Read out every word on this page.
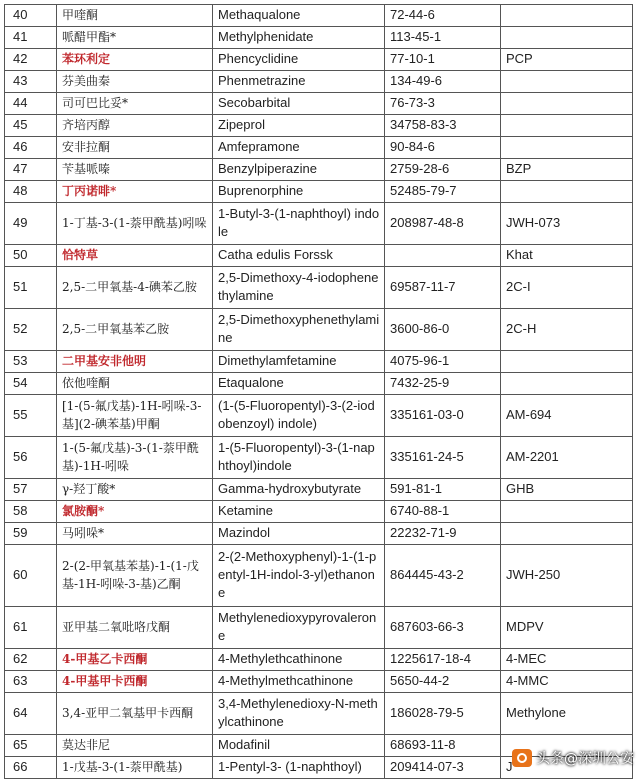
40	甲喹酮	Methaqualone	72-44-6	
41	哌醋甲酯*	Methylphenidate	113-45-1	
42	苯环利定	Phencyclidine	77-10-1	PCP
43	芬美曲秦	Phenmetrazine	134-49-6	
44	司可巴比妥*	Secobarbital	76-73-3	
45	齐培丙醇	Zipeprol	34758-83-3	
46	安非拉酮	Amfepramone	90-84-6	
47	苄基哌嗪	Benzylpiperazine	2759-28-6	BZP
48	丁丙诺啡*	Buprenorphine	52485-79-7	
49	1-丁基-3-(1-萘甲酰基)吲哚	1-Butyl-3-(1-naphthoyl) indole	208987-48-8	JWH-073
50	恰特草	Catha edulis Forssk		Khat
51	2,5-二甲氧基-4-碘苯乙胺	2,5-Dimethoxy-4-iodophenethylamine	69587-11-7	2C-I
52	2,5-二甲氧基苯乙胺	2,5-Dimethoxyphenethylamine	3600-86-0	2C-H
53	二甲基安非他明	Dimethylamfetamine	4075-96-1	
54	依他喹酮	Etaqualone	7432-25-9	
55	[1-(5-氟戊基)-1H-吲哚-3-基](2-碘苯基)甲酮	(1-(5-Fluoropentyl)-3-(2-iodobenzoyl) indole)	335161-03-0	AM-694
56	1-(5-氟戊基)-3-(1-萘甲酰基)-1H-吲哚	1-(5-Fluoropentyl)-3-(1-naphthoyl)indole	335161-24-5	AM-2201
57	γ-羟丁酸*	Gamma-hydroxybutyrate	591-81-1	GHB
58	氯胺酮*	Ketamine	6740-88-1	
59	马吲哚*	Mazindol	22232-71-9	
60	2-(2-甲氧基苯基)-1-(1-戊基-1H-吲哚-3-基)乙酮	2-(2-Methoxyphenyl)-1-(1-pentyl-1H-indol-3-yl)ethanone	864445-43-2	JWH-250
61	亚甲基二氧吡咯戊酮	Methylenedioxypyrovalerone	687603-66-3	MDPV
62	4-甲基乙卡西酮	4-Methylethcathinone	1225617-18-4	4-MEC
63	4-甲基甲卡西酮	4-Methylmethcathinone	5650-44-2	4-MMC
64	3,4-亚甲二氧基甲卡西酮	3,4-Methylenedioxy-N-methylcathinone	186028-79-5	Methylone
65	莫达非尼	Modafinil	68693-11-8	
66	1-戊基-3-(1-萘甲酰基)	1-Pentyl-3- (1-naphthoyl)	209414-07-3	J 头条@深圳公安
